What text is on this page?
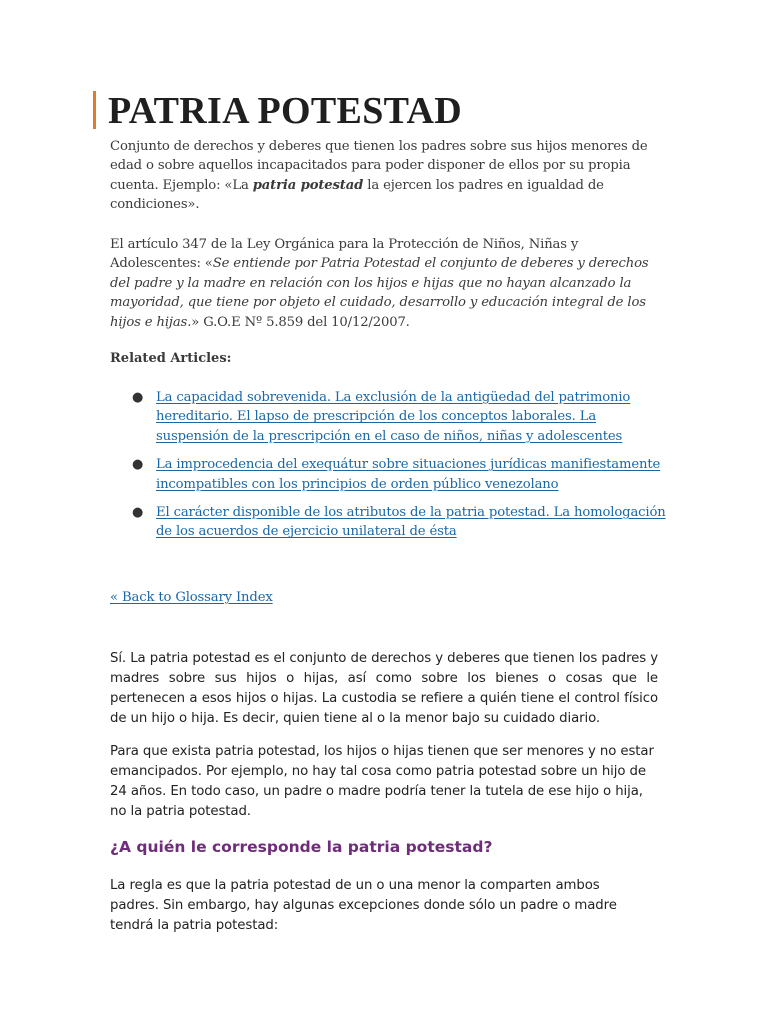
PATRIA POTESTAD

Conjunto de derechos y deberes que tienen los padres sobre sus hijos menores de edad o sobre aquellos incapacitados para poder disponer de ellos por su propia cuenta. Ejemplo: «La patria potestad la ejercen los padres en igualdad de condiciones».

El artículo 347 de la Ley Orgánica para la Protección de Niños, Niñas y Adolescentes: «Se entiende por Patria Potestad el conjunto de deberes y derechos del padre y la madre en relación con los hijos e hijas que no hayan alcanzado la mayoridad, que tiene por objeto el cuidado, desarrollo y educación integral de los hijos e hijas.» G.O.E Nº 5.859 del 10/12/2007.

Related Articles:

● La capacidad sobrevenida. La exclusión de la antigüedad del patrimonio hereditario. El lapso de prescripción de los conceptos laborales. La suspensión de la prescripción en el caso de niños, niñas y adolescentes
● La improcedencia del exequátur sobre situaciones jurídicas manifiestamente incompatibles con los principios de orden público venezolano
● El carácter disponible de los atributos de la patria potestad. La homologación de los acuerdos de ejercicio unilateral de ésta
« Back to Glossary Index

Sí. La patria potestad es el conjunto de derechos y deberes que tienen los padres y madres sobre sus hijos o hijas, así como sobre los bienes o cosas que le pertenecen a esos hijos o hijas. La custodia se refiere a quién tiene el control físico de un hijo o hija. Es decir, quien tiene al o la menor bajo su cuidado diario.

Para que exista patria potestad, los hijos o hijas tienen que ser menores y no estar emancipados. Por ejemplo, no hay tal cosa como patria potestad sobre un hijo de 24 años. En todo caso, un padre o madre podría tener la tutela de ese hijo o hija, no la patria potestad.

¿A quién le corresponde la patria potestad?

La regla es que la patria potestad de un o una menor la comparten ambos padres. Sin embargo, hay algunas excepciones donde sólo un padre o madre tendrá la patria potestad:
